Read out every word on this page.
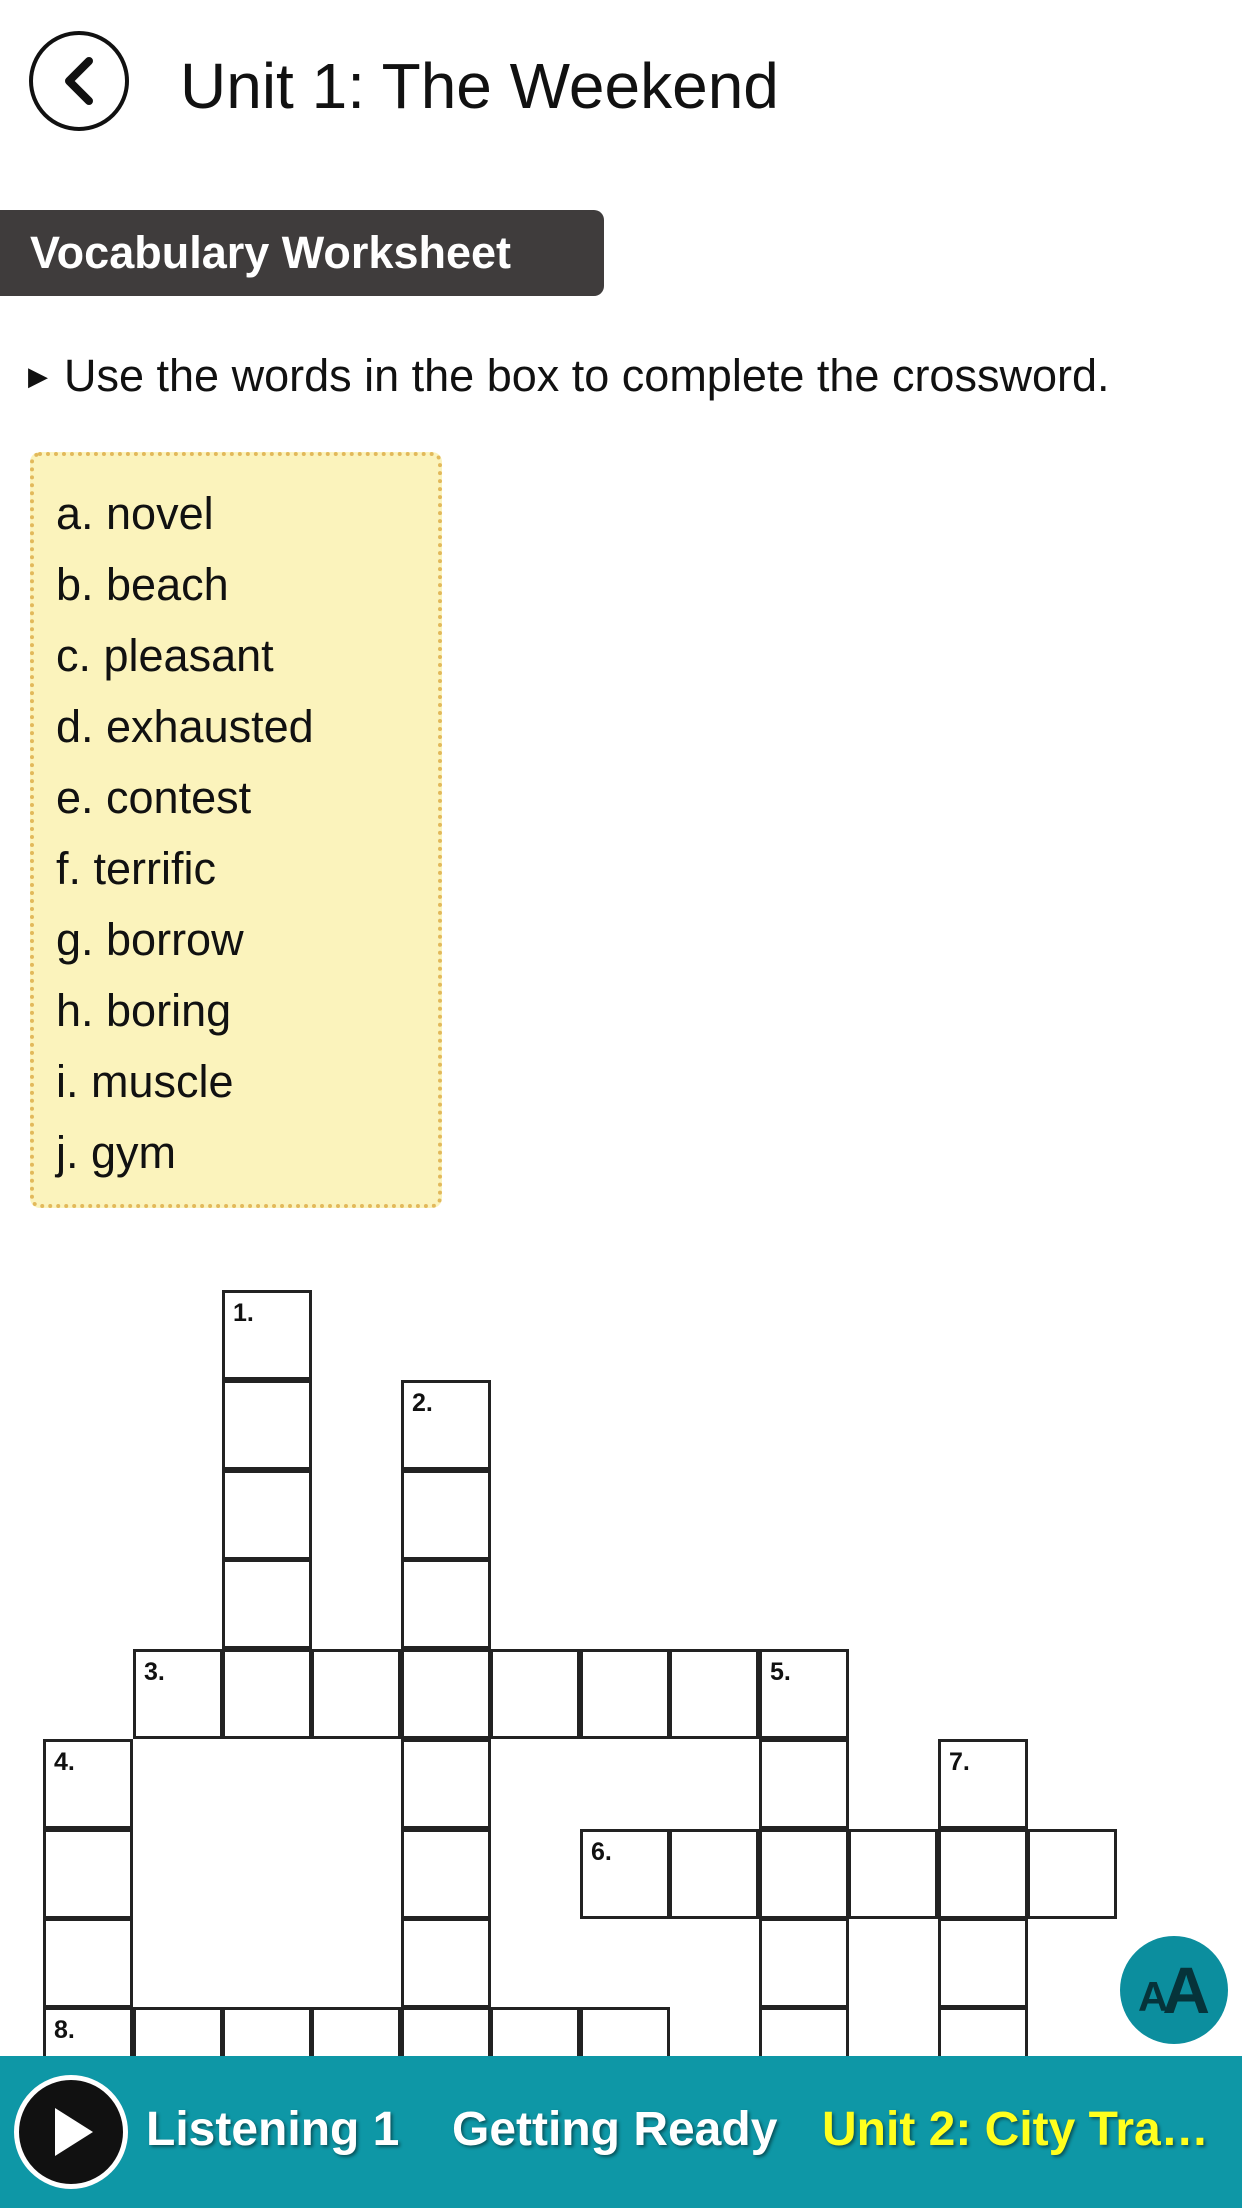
Unit 1: The Weekend
Vocabulary Worksheet
▶ Use the words in the box to complete the crossword.
a. novel
b. beach
c. pleasant
d. exhausted
e. contest
f. terrific
g. borrow
h. boring
i. muscle
j. gym
1.
2.
3.
4.
5.
6.
7.
8.
A
A
Listening 1 Getting Ready Unit 2: City Tra…
